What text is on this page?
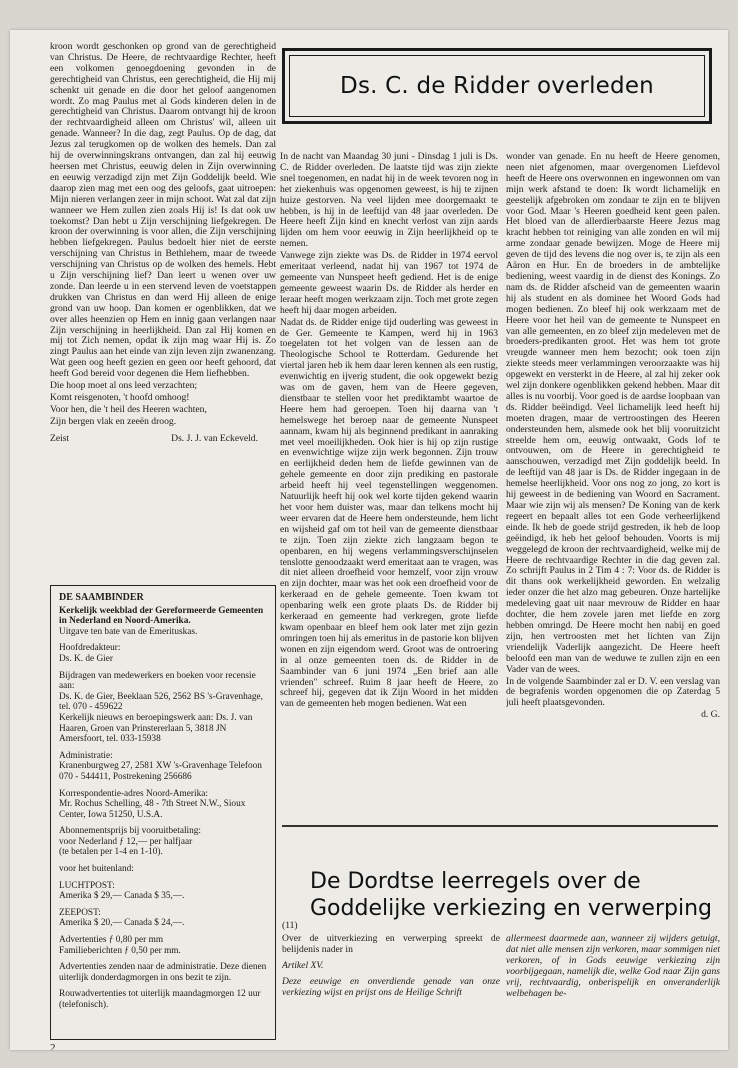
kroon wordt geschonken op grond van de gerechtigheid van Christus. De Heere, de rechtvaardige Rechter, heeft een volkomen genoegdoening gevonden in de gerechtigheid van Christus, een gerechtigheid, die Hij mij schenkt uit genade en die door het geloof aangenomen wordt. Zo mag Paulus met al Gods kinderen delen in de gerechtigheid van Christus. Daarom ontvangt hij de kroon der rechtvaardigheid alleen om Christus' wil, alleen uit genade. Wanneer? In die dag, zegt Paulus. Op de dag, dat Jezus zal terugkomen op de wolken des hemels. Dan zal hij de overwinningskrans ontvangen, dan zal hij eeuwig heersen met Christus, eeuwig delen in Zijn overwinning en eeuwig verzadigd zijn met Zijn Goddelijk beeld. Wie daarop zien mag met een oog des geloofs, gaat uitroepen: Mijn nieren verlangen zeer in mijn schoot. Wat zal dat zijn wanneer we Hem zullen zien zoals Hij is! Is dat ook uw toekomst? Dan hebt u Zijn verschijning liefgekregen. De kroon der overwinning is voor allen, die Zijn verschijning hebben liefgekregen. Paulus bedoelt hier niet de eerste verschijning van Christus in Bethlehem, maar de tweede verschijning van Christus op de wolken des hemels. Hebt u Zijn verschijning lief? Dan leert u wenen over uw zonde. Dan leerde u in een stervend leven de voetstappen drukken van Christus en dan werd Hij alleen de enige grond van uw hoop. Dan komen er ogenblikken, dat we over alles heenzien op Hem en innig gaan verlangen naar Zijn verschijning in heerlijkheid. Dan zal Hij komen en mij tot Zich nemen, opdat ik zijn mag waar Hij is. Zo zingt Paulus aan het einde van zijn leven zijn zwanenzang. Wat geen oog heeft gezien en geen oor heeft gehoord, dat heeft God bereid voor degenen die Hem liefhebben.

Die hoop moet al ons leed verzachten;

Komt reisgenoten, 't hoofd omhoog!

Voor hen, die 't heil des Heeren wachten,

Zijn bergen vlak en zeeën droog.

Zeist	Ds. J. J. van Eckeveld.
Ds. C. de Ridder overleden

In de nacht van Maandag 30 juni - Dinsdag 1 juli is Ds. C. de Ridder overleden. De laatste tijd was zijn ziekte snel toegenomen, en nadat hij in de week tevoren nog in het ziekenhuis was opgenomen geweest, is hij te zijnen huize gestorven. Na veel lijden mee doorgemaakt te hebben, is hij in de leeftijd van 48 jaar overleden. De Heere heeft Zijn kind en knecht verlost van zijn aards lijden om hem voor eeuwig in Zijn heerlijkheid op te nemen.

Vanwege zijn ziekte was Ds. de Ridder in 1974 eervol emeritaat verleend, nadat hij van 1967 tot 1974 de gemeente van Nunspeet heeft gediend. Het is de enige gemeente geweest waarin Ds. de Ridder als herder en leraar heeft mogen werkzaam zijn. Toch met grote zegen heeft hij daar mogen arbeiden.

Nadat ds. de Ridder enige tijd ouderling was geweest in de Ger. Gemeente te Kampen, werd hij in 1963 toegelaten tot het volgen van de lessen aan de Theologische School te Rotterdam. Gedurende het viertal jaren heb ik hem daar leren kennen als een rustig, evenwichtig en ijverig student, die ook opgewekt bezig was om de gaven, hem van de Heere gegeven, dienstbaar te stellen voor het prediktambt waartoe de Heere hem had geroepen. Toen hij daarna van 't hemelswege het beroep naar de gemeente Nunspeet aannam, kwam hij als beginnend predikant in aanraking met veel moeilijkheden. Ook hier is hij op zijn rustige en evenwichtige wijze zijn werk begonnen. Zijn trouw en eerlijkheid deden hem de liefde gewinnen van de gehele gemeente en door zijn prediking en pastorale arbeid heeft hij veel tegenstellingen weggenomen. Natuurlijk heeft hij ook wel korte tijden gekend waarin het voor hem duister was, maar dan telkens mocht hij weer ervaren dat de Heere hem ondersteunde, hem licht en wijsheid gaf om tot heil van de gemeente dienstbaar te zijn. Toen zijn ziekte zich langzaam begon te openbaren, en hij wegens verlammingsverschijnselen tenslotte genoodzaakt werd emeritaat aan te vragen, was dit niet alleen droefheid voor hemzelf, voor zijn vrouw en zijn dochter, maar was het ook een droefheid voor de kerkeraad en de gehele gemeente. Toen kwam tot openbaring welk een grote plaats Ds. de Ridder bij kerkeraad en gemeente had verkregen, grote liefde kwam openbaar en bleef hem ook later met zijn gezin omringen toen hij als emeritus in de pastorie kon blijven wonen en zijn eigendom werd. Groot was de ontroering in al onze gemeenten toen ds. de Ridder in de Saambinder van 6 juni 1974 „Een brief aan alle vrienden" schreef. Ruim 8 jaar heeft de Heere, zo schreef hij, gegeven dat ik Zijn Woord in het midden van de gemeenten heb mogen bedienen. Wat een

wonder van genade. En nu heeft de Heere genomen, neen niet afgenomen, maar overgenomen Liefdevol heeft de Heere ons overwonnen en ingewonnen om van mijn werk afstand te doen: Ik wordt lichamelijk en geestelijk afgebroken om zondaar te zijn en te blijven voor God. Maar 's Heeren goedheid kent geen palen. Het bloed van de allerdierbaarste Heere Jezus mag kracht hebben tot reiniging van alle zonden en wil mij arme zondaar genade bewijzen. Moge de Heere mij geven de tijd des levens die nog over is, te zijn als een Aäron en Hur. En de broeders in de ambtelijke bediening, weest vaardig in de dienst des Konings. Zo nam ds. de Ridder afscheid van de gemeenten waarin hij als student en als dominee het Woord Gods had mogen bedienen. Zo bleef hij ook werkzaam met de Heere voor het heil van de gemeente te Nunspeet en van alle gemeenten, en zo bleef zijn medeleven met de broeders-predikanten groot. Het was hem tot grote vreugde wanneer men hem bezocht; ook toen zijn ziekte steeds meer verlammingen veroorzaakte was hij opgewekt en versterkt in de Heere, al zal hij zeker ook wel zijn donkere ogenblikken gekend hebben. Maar dit alles is nu voorbij. Voor goed is de aardse loopbaan van ds. Ridder beëindigd. Veel lichamelijk leed heeft hij moeten dragen, maar de vertroostingen des Heeren ondersteunden hem, alsmede ook het blij vooruitzicht streelde hem om, eeuwig ontwaakt, Gods lof te ontvouwen, om de Heere in gerechtigheid te aanschouwen, verzadigd met Zijn goddelijk beeld. In de leeftijd van 48 jaar is Ds. de Ridder ingegaan in de hemelse heerlijkheid. Voor ons nog zo jong, zo kort is hij geweest in de bediening van Woord en Sacrament. Maar wie zijn wij als mensen? De Koning van de kerk regeert en bepaalt alles tot een Gode verheerlijkend einde. Ik heb de goede strijd gestreden, ik heb de loop geëindigd, ik heb het geloof behouden. Voorts is mij weggelegd de kroon der rechtvaardigheid, welke mij de Heere de rechtvaardige Rechter in die dag geven zal. Zo schrijft Paulus in 2 Tim 4 : 7: Voor ds. de Ridder is dit thans ook werkelijkheid geworden. En welzalig ieder onzer die het alzo mag gebeuren. Onze hartelijke medeleving gaat uit naar mevrouw de Ridder en haar dochter, die hem zovele jaren met liefde en zorg hebben omringd. De Heere mocht hen nabij en goed zijn, hen vertroosten met het lichten van Zijn vriendelijk Vaderlijk aangezicht. De Heere heeft beloofd een man van de weduwe te zullen zijn en een Vader van de wees.

In de volgende Saambinder zal er D. V. een verslag van de begrafenis worden opgenomen die op Zaterdag 5 juli heeft plaatsgevonden.

d. G.

DE SAAMBINDER
Kerkelijk weekblad der Gereformeerde Gemeenten in Nederland en Noord-Amerika.
Uitgave ten bate van de Emerituskas.
Hoofdredakteur:
Ds. K. de Gier
Bijdragen van medewerkers en boeken voor recensie aan:
Ds. K. de Gier, Beeklaan 526, 2562 BS 's-Gravenhage, tel. 070 - 459622
Kerkelijk nieuws en beroepingswerk aan: Ds. J. van Haaren, Groen van Prinstererlaan 5, 3818 JN Amersfoort, tel. 033-15938
Administratie:
Kranenburgweg 27, 2581 XW 's-Gravenhage Telefoon 070 - 544411, Postrekening 256686
Korrespondentie-adres Noord-Amerika:
Mr. Rochus Schelling, 48 - 7th Street N.W., Sioux Center, Iowa 51250, U.S.A.
Abonnementsprijs bij vooruitbetaling:
voor Nederland ƒ 12,— per halfjaar
(te betalen per 1-4 en 1-10).
voor het buitenland:
LUCHTPOST:
Amerika $ 29,— Canada $ 35,—.
ZEEPOST:
Amerika $ 20,— Canada $ 24,—.
Advertenties ƒ 0,80 per mm
Familieberichten ƒ 0,50 per mm.
Advertenties zenden naar de administratie. Deze dienen uiterlijk donderdagmorgen in ons bezit te zijn.
Rouwadvertenties tot uiterlijk maandagmorgen 12 uur (telefonisch).
De Dordtse leerregels over de Goddelijke verkiezing en verwerping
(11)

Over de uitverkiezing en verwerping spreekt de belijdenis nader in

Artikel XV.

Deze eeuwige en onverdiende genade van onze verkiezing wijst en prijst ons de Heilige Schrift

allermeest daarmede aan, wanneer zij wijders getuigt, dat niet alle mensen zijn verkoren, maar sommigen niet verkoren, of in Gods eeuwige verkiezing zijn voorbijgegaan, namelijk die, welke God naar Zijn gans vrij, rechtvaardig, onberispelijk en onveranderlijk welbehagen be-

2
